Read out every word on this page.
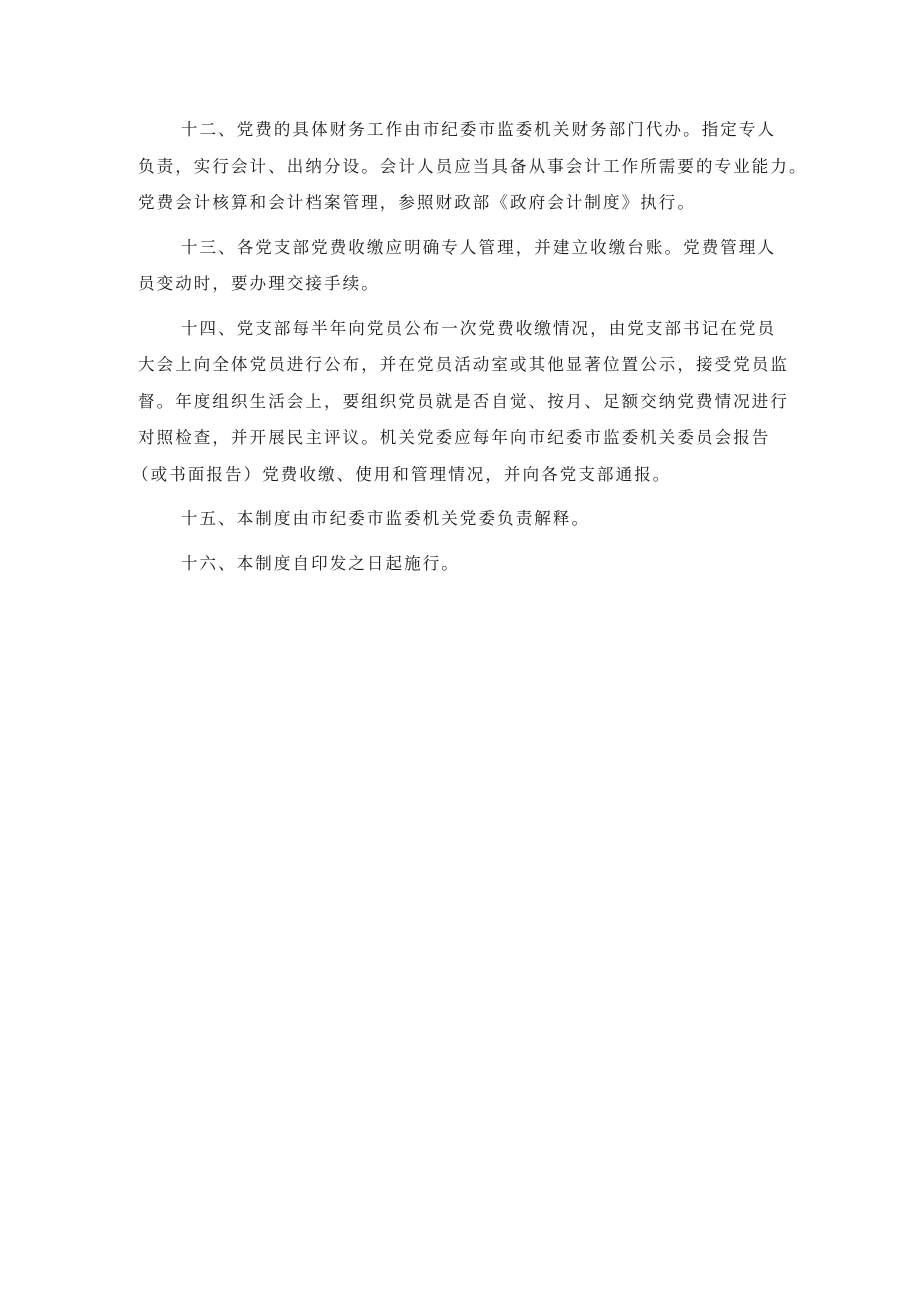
十二、党费的具体财务工作由市纪委市监委机关财务部门代办。指定专人
负责，实行会计、出纳分设。会计人员应当具备从事会计工作所需要的专业能力。
党费会计核算和会计档案管理，参照财政部《政府会计制度》执行。

十三、各党支部党费收缴应明确专人管理，并建立收缴台账。党费管理人
员变动时，要办理交接手续。

十四、党支部每半年向党员公布一次党费收缴情况，由党支部书记在党员
大会上向全体党员进行公布，并在党员活动室或其他显著位置公示，接受党员监
督。年度组织生活会上，要组织党员就是否自觉、按月、足额交纳党费情况进行
对照检查，并开展民主评议。机关党委应每年向市纪委市监委机关委员会报告
（或书面报告）党费收缴、使用和管理情况，并向各党支部通报。

十五、本制度由市纪委市监委机关党委负责解释。

十六、本制度自印发之日起施行。
